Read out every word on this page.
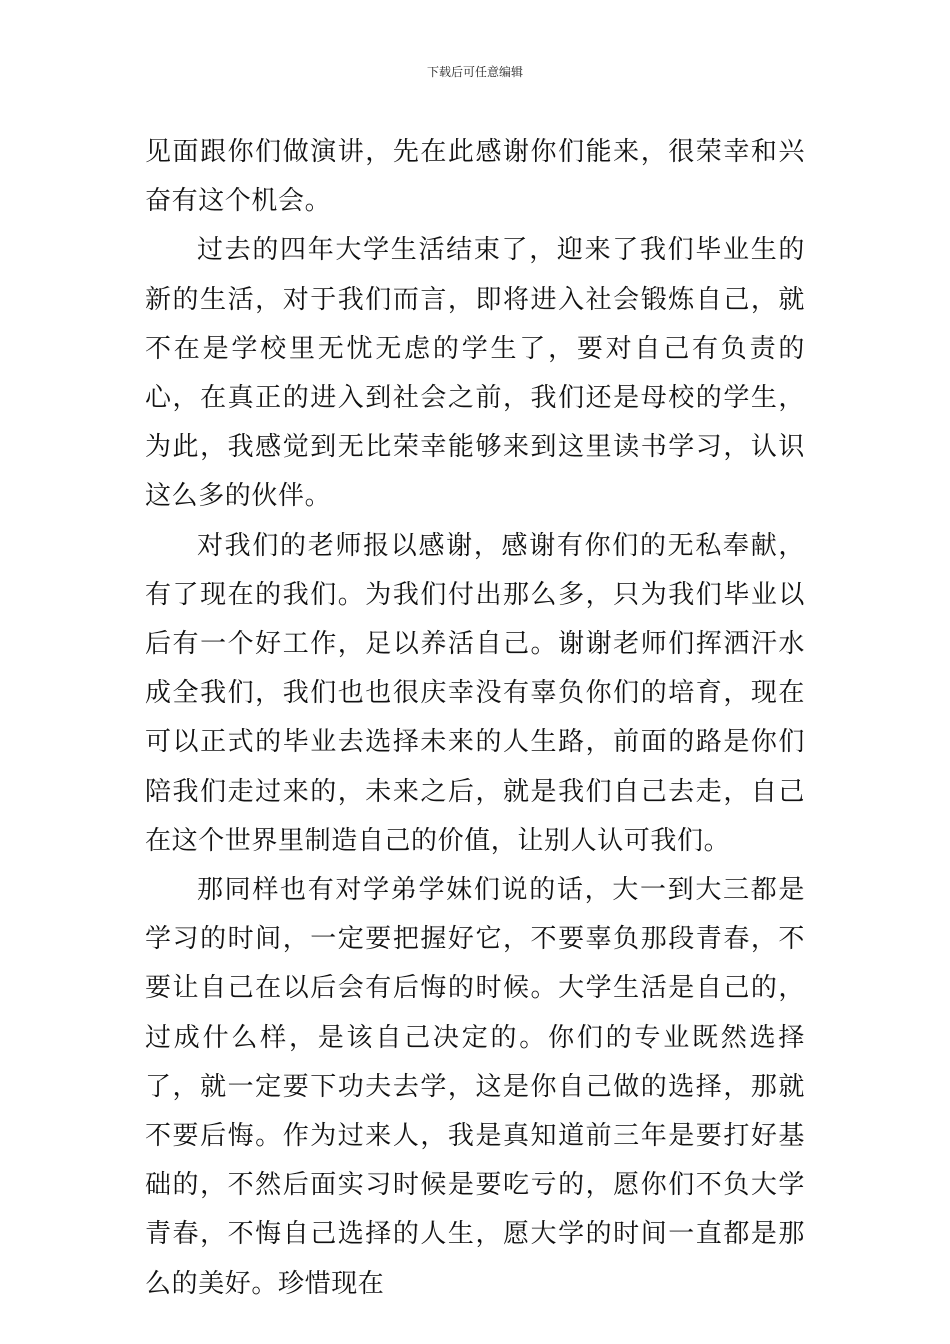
下载后可任意编辑

见面跟你们做演讲，先在此感谢你们能来，很荣幸和兴奋有这个机会。

过去的四年大学生活结束了，迎来了我们毕业生的新的生活，对于我们而言，即将进入社会锻炼自己，就不在是学校里无忧无虑的学生了，要对自己有负责的心，在真正的进入到社会之前，我们还是母校的学生，为此，我感觉到无比荣幸能够来到这里读书学习，认识这么多的伙伴。

对我们的老师报以感谢，感谢有你们的无私奉献，有了现在的我们。为我们付出那么多，只为我们毕业以后有一个好工作，足以养活自己。谢谢老师们挥洒汗水成全我们，我们也也很庆幸没有辜负你们的培育，现在可以正式的毕业去选择未来的人生路，前面的路是你们陪我们走过来的，未来之后，就是我们自己去走，自己在这个世界里制造自己的价值，让别人认可我们。

那同样也有对学弟学妹们说的话，大一到大三都是学习的时间，一定要把握好它，不要辜负那段青春，不要让自己在以后会有后悔的时候。大学生活是自己的，过成什么样，是该自己决定的。你们的专业既然选择了，就一定要下功夫去学，这是你自己做的选择，那就不要后悔。作为过来人，我是真知道前三年是要打好基础的，不然后面实习时候是要吃亏的，愿你们不负大学青春，不悔自己选择的人生，愿大学的时间一直都是那么的美好。珍惜现在
